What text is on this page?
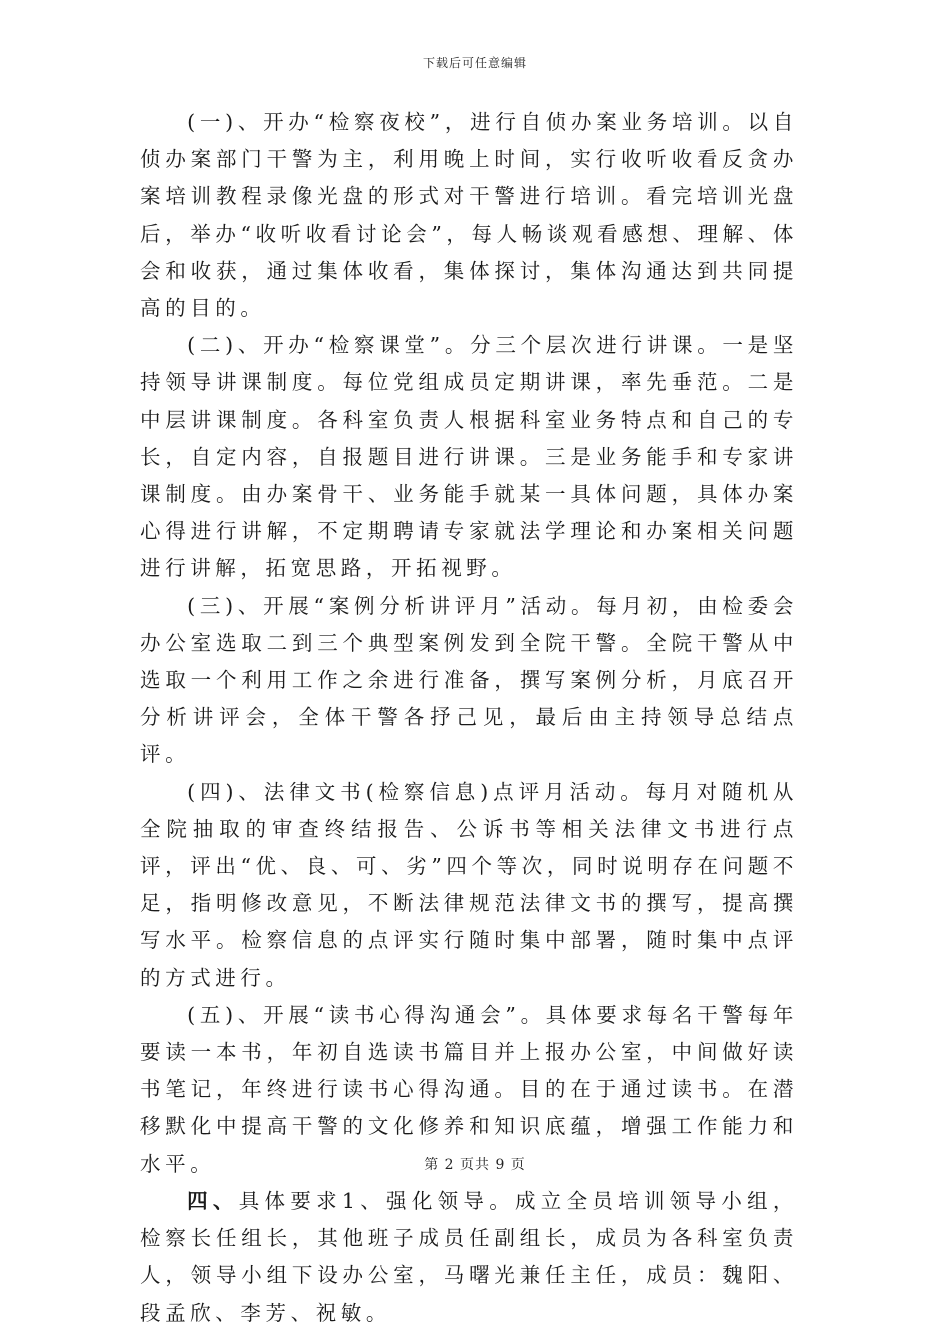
下载后可任意编辑

(一)、开办“检察夜校”，进行自侦办案业务培训。以自侦办案部门干警为主，利用晚上时间，实行收听收看反贪办案培训教程录像光盘的形式对干警进行培训。看完培训光盘后，举办“收听收看讨论会”，每人畅谈观看感想、理解、体会和收获，通过集体收看，集体探讨，集体沟通达到共同提高的目的。

(二)、开办“检察课堂”。分三个层次进行讲课。一是坚持领导讲课制度。每位党组成员定期讲课，率先垂范。二是中层讲课制度。各科室负责人根据科室业务特点和自己的专长，自定内容，自报题目进行讲课。三是业务能手和专家讲课制度。由办案骨干、业务能手就某一具体问题，具体办案心得进行讲解，不定期聘请专家就法学理论和办案相关问题进行讲解，拓宽思路，开拓视野。

(三)、开展“案例分析讲评月”活动。每月初，由检委会办公室选取二到三个典型案例发到全院干警。全院干警从中选取一个利用工作之余进行准备，撰写案例分析，月底召开分析讲评会，全体干警各抒己见，最后由主持领导总结点评。

(四)、法律文书(检察信息)点评月活动。每月对随机从全院抽取的审查终结报告、公诉书等相关法律文书进行点评，评出“优、良、可、劣”四个等次，同时说明存在问题不足，指明修改意见，不断法律规范法律文书的撰写，提高撰写水平。检察信息的点评实行随时集中部署，随时集中点评的方式进行。

(五)、开展“读书心得沟通会”。具体要求每名干警每年要读一本书，年初自选读书篇目并上报办公室，中间做好读书笔记，年终进行读书心得沟通。目的在于通过读书。在潜移默化中提高干警的文化修养和知识底蕴，增强工作能力和水平。

四、具体要求1、强化领导。成立全员培训领导小组，检察长任组长，其他班子成员任副组长，成员为各科室负责人，领导小组下设办公室，马曙光兼任主任，成员：魏阳、段孟欣、李芳、祝敏。

第 2 页共 9 页
